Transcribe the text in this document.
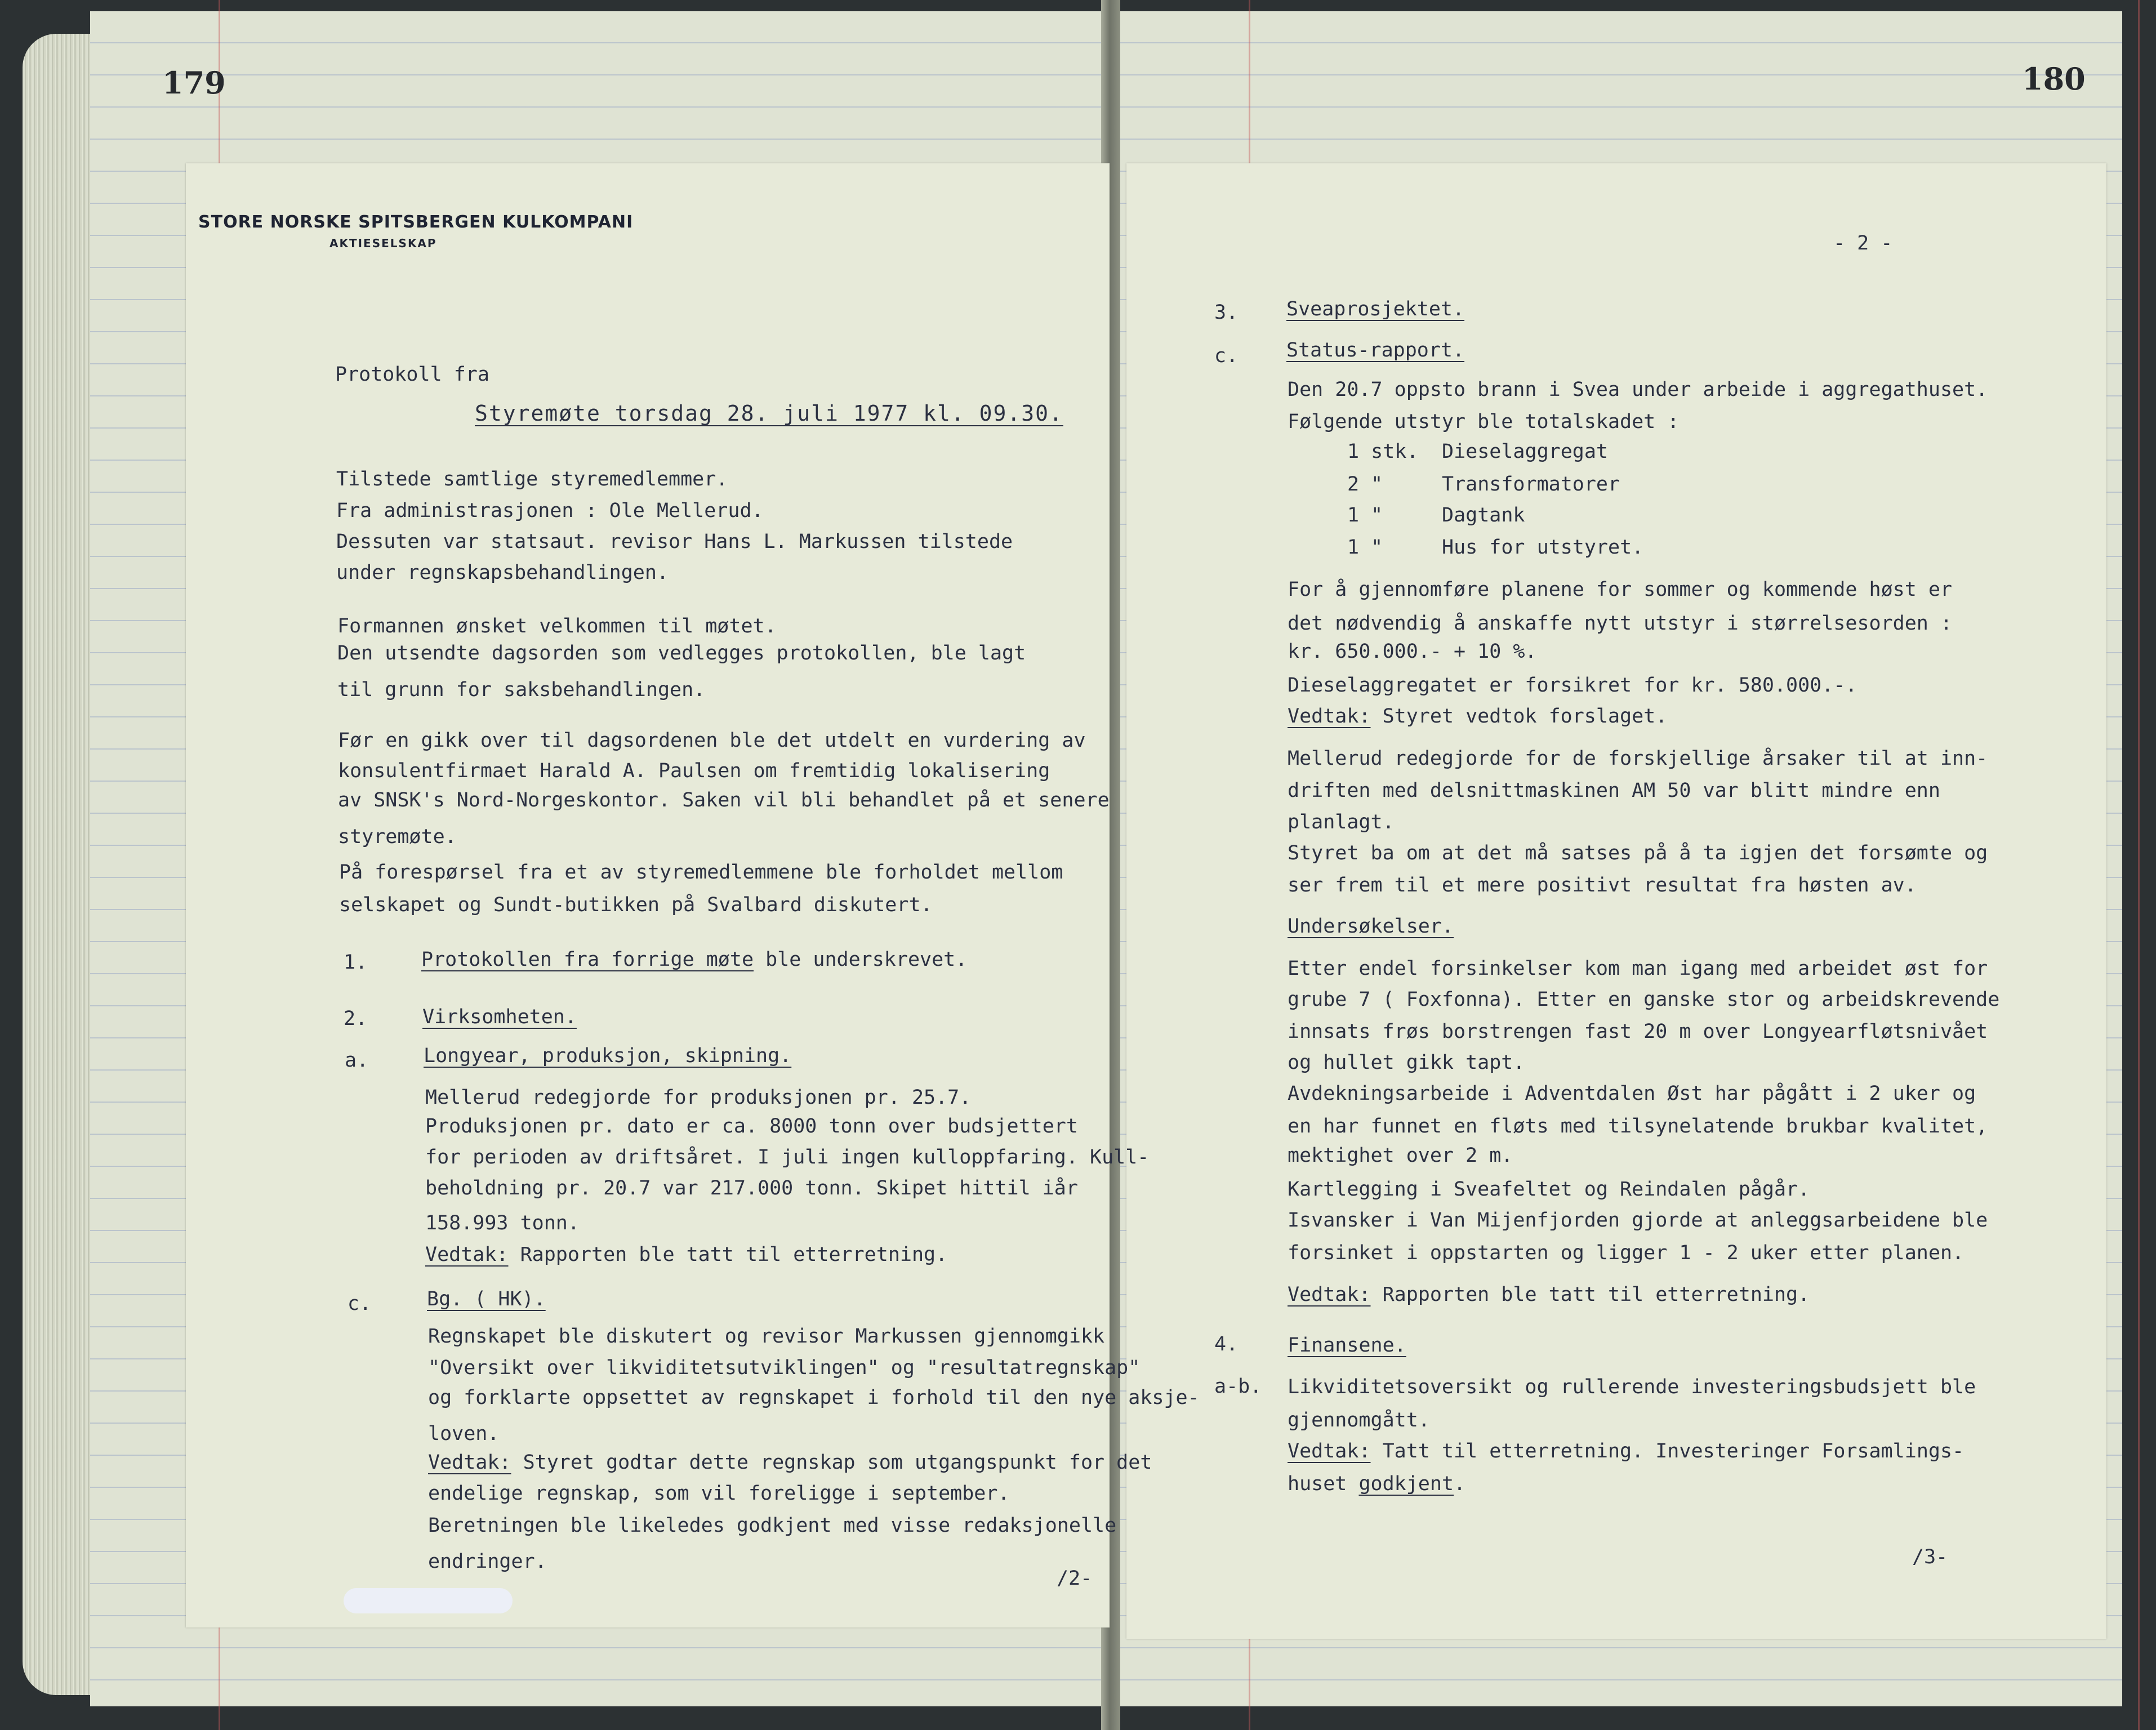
179	180
STORE NORSKE SPITSBERGEN KULKOMPANI
AKTIESELSKAP
Protokoll fra
Styremøte torsdag 28. juli 1977 kl. 09.30.
Tilstede samtlige styremedlemmer.
Fra administrasjonen : Ole Mellerud.
Dessuten var statsaut. revisor Hans L. Markussen tilstede
under regnskapsbehandlingen.
Formannen ønsket velkommen til møtet.
Den utsendte dagsorden som vedlegges protokollen, ble lagt
til grunn for saksbehandlingen.
Før en gikk over til dagsordenen ble det utdelt en vurdering av
konsulentfirmaet Harald A. Paulsen om fremtidig lokalisering
av SNSK's Nord-Norgeskontor. Saken vil bli behandlet på et senere
styremøte.
På forespørsel fra et av styremedlemmene ble forholdet mellom
selskapet og Sundt-butikken på Svalbard diskutert.
1.	Protokollen fra forrige møte ble underskrevet.
2.	Virksomheten.
a.	Longyear, produksjon, skipning.
Mellerud redegjorde for produksjonen pr. 25.7.
Produksjonen pr. dato er ca. 8000 tonn over budsjettert
for perioden av driftsåret. I juli ingen kulloppfaring. Kull-
beholdning pr. 20.7 var 217.000 tonn. Skipet hittil iår
158.993 tonn.
Vedtak: Rapporten ble tatt til etterretning.
c.	Bg. ( HK).
Regnskapet ble diskutert og revisor Markussen gjennomgikk
"Oversikt over likviditetsutviklingen" og "resultatregnskap"
og forklarte oppsettet av regnskapet i forhold til den nye aksje-
loven.
Vedtak: Styret godtar dette regnskap som utgangspunkt for det
endelige regnskap, som vil foreligge i september.
Beretningen ble likeledes godkjent med visse redaksjonelle
endringer.
/2-
- 2 -
3. Sveaprosjektet.
c. Status-rapport.
Den 20.7 oppsto brann i Svea under arbeide i aggregathuset.
Følgende utstyr ble totalskadet :
1 stk. Dieselaggregat
2 "	Transformatorer
1 "	Dagtank
1 "	Hus for utstyret.
For å gjennomføre planene for sommer og kommende høst er
det nødvendig å anskaffe nytt utstyr i størrelsesorden :
kr. 650.000.- + 10 %.
Dieselaggregatet er forsikret for kr. 580.000.-.
Vedtak: Styret vedtok forslaget.
Mellerud redegjorde for de forskjellige årsaker til at inn-
driften med delsnittmaskinen AM 50 var blitt mindre enn
planlagt.
Styret ba om at det må satses på å ta igjen det forsømte og
ser frem til et mere positivt resultat fra høsten av.
Undersøkelser.
Etter endel forsinkelser kom man igang med arbeidet øst for
grube 7 ( Foxfonna). Etter en ganske stor og arbeidskrevende
innsats frøs borstrengen fast 20 m over Longyearfløtsnivået
og hullet gikk tapt.
Avdekningsarbeide i Adventdalen Øst har pågått i 2 uker og
en har funnet en fløts med tilsynelatende brukbar kvalitet,
mektighet over 2 m.
Kartlegging i Sveafeltet og Reindalen pågår.
Isvansker i Van Mijenfjorden gjorde at anleggsarbeidene ble
forsinket i oppstarten og ligger 1 - 2 uker etter planen.
Vedtak: Rapporten ble tatt til etterretning.
4.	Finansene.
a-b. Likviditetsoversikt og rullerende investeringsbudsjett ble
gjennomgått.
Vedtak: Tatt til etterretning. Investeringer Forsamlings-
huset godkjent.
/3-
